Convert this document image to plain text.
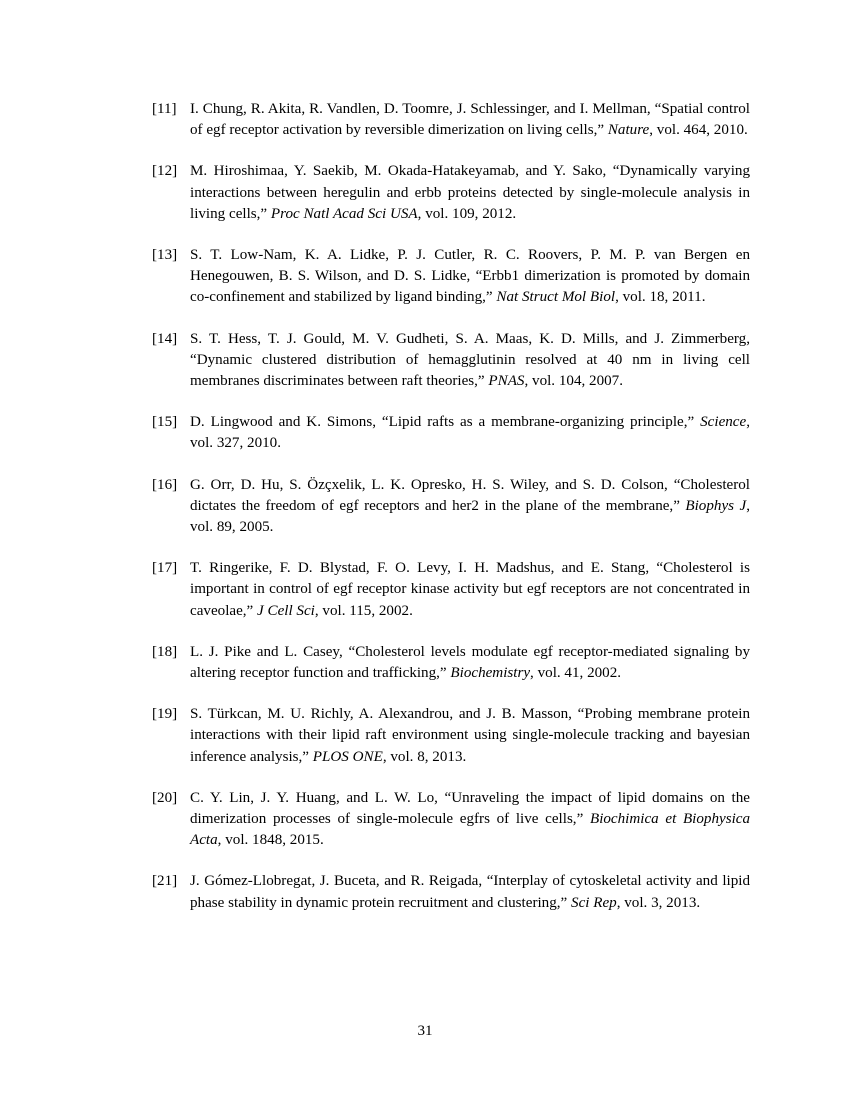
[11] I. Chung, R. Akita, R. Vandlen, D. Toomre, J. Schlessinger, and I. Mellman, “Spatial control of egf receptor activation by reversible dimerization on living cells,” Nature, vol. 464, 2010.
[12] M. Hiroshimaa, Y. Saekib, M. Okada-Hatakeyamab, and Y. Sako, “Dynamically varying interactions between heregulin and erbb proteins detected by single-molecule analysis in living cells,” Proc Natl Acad Sci USA, vol. 109, 2012.
[13] S. T. Low-Nam, K. A. Lidke, P. J. Cutler, R. C. Roovers, P. M. P. van Bergen en Henegouwen, B. S. Wilson, and D. S. Lidke, “Erbb1 dimerization is promoted by domain co-confinement and stabilized by ligand binding,” Nat Struct Mol Biol, vol. 18, 2011.
[14] S. T. Hess, T. J. Gould, M. V. Gudheti, S. A. Maas, K. D. Mills, and J. Zimmerberg, “Dynamic clustered distribution of hemagglutinin resolved at 40 nm in living cell membranes discriminates between raft theories,” PNAS, vol. 104, 2007.
[15] D. Lingwood and K. Simons, “Lipid rafts as a membrane-organizing principle,” Science, vol. 327, 2010.
[16] G. Orr, D. Hu, S. Özçxelik, L. K. Opresko, H. S. Wiley, and S. D. Colson, “Cholesterol dictates the freedom of egf receptors and her2 in the plane of the membrane,” Biophys J, vol. 89, 2005.
[17] T. Ringerike, F. D. Blystad, F. O. Levy, I. H. Madshus, and E. Stang, “Cholesterol is important in control of egf receptor kinase activity but egf receptors are not concentrated in caveolae,” J Cell Sci, vol. 115, 2002.
[18] L. J. Pike and L. Casey, “Cholesterol levels modulate egf receptor-mediated signaling by altering receptor function and trafficking,” Biochemistry, vol. 41, 2002.
[19] S. Türkcan, M. U. Richly, A. Alexandrou, and J. B. Masson, “Probing membrane protein interactions with their lipid raft environment using single-molecule tracking and bayesian inference analysis,” PLOS ONE, vol. 8, 2013.
[20] C. Y. Lin, J. Y. Huang, and L. W. Lo, “Unraveling the impact of lipid domains on the dimerization processes of single-molecule egfrs of live cells,” Biochimica et Biophysica Acta, vol. 1848, 2015.
[21] J. Gómez-Llobregat, J. Buceta, and R. Reigada, “Interplay of cytoskeletal activity and lipid phase stability in dynamic protein recruitment and clustering,” Sci Rep, vol. 3, 2013.
31
